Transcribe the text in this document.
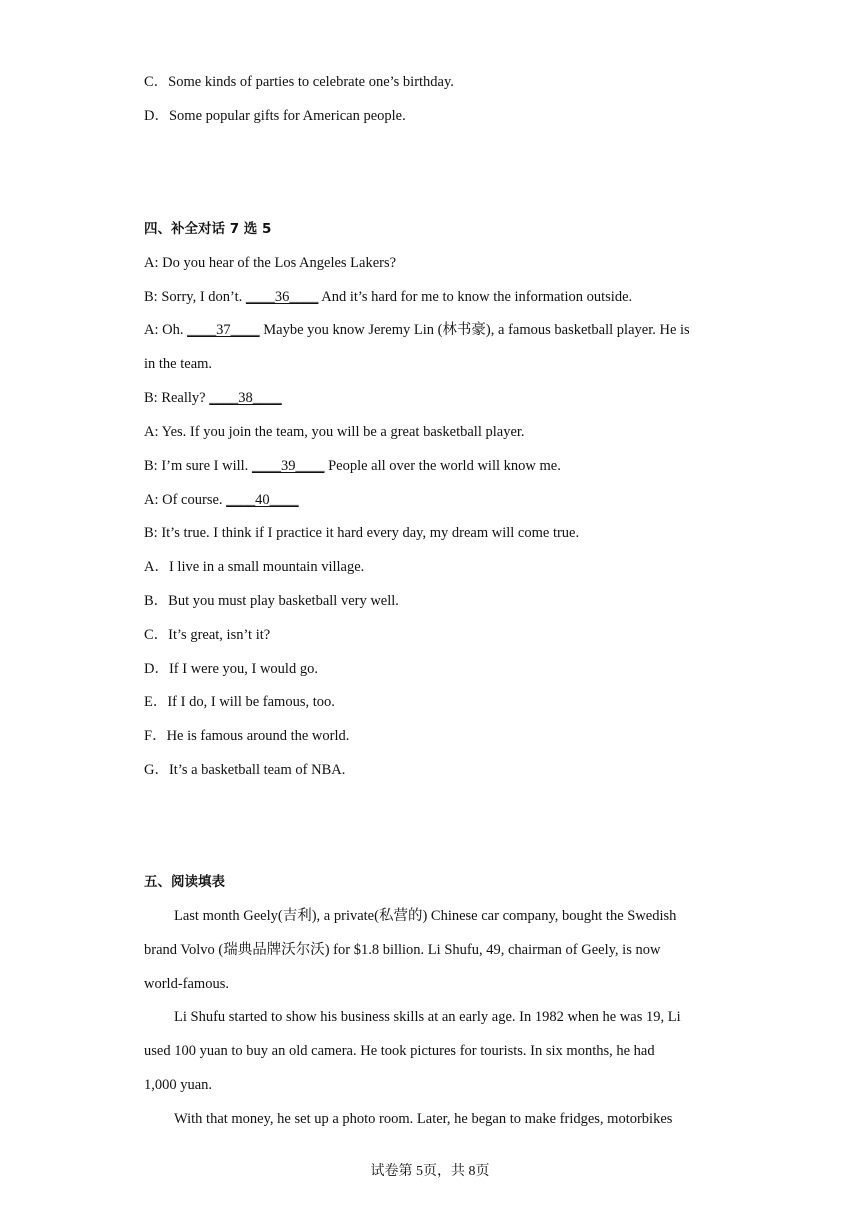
C．Some kinds of parties to celebrate one’s birthday.
D．Some popular gifts for American people.
四、补全对话 7 选 5
A: Do you hear of the Los Angeles Lakers?
B: Sorry, I don’t. ____36____ And it’s hard for me to know the information outside.
A: Oh. ____37____ Maybe you know Jeremy Lin (林书豪), a famous basketball player. He is
in the team.
B: Really? ____38____
A: Yes. If you join the team, you will be a great basketball player.
B: I’m sure I will. ____39____ People all over the world will know me.
A: Of course. ____40____
B: It’s true. I think if I practice it hard every day, my dream will come true.
A．I live in a small mountain village.
B．But you must play basketball very well.
C．It’s great, isn’t it?
D．If I were you, I would go.
E．If I do, I will be famous, too.
F．He is famous around the world.
G．It’s a basketball team of NBA.
五、阅读填表
Last month Geely(吉利), a private(私营的) Chinese car company, bought the Swedish
brand Volvo (瑞典品牌沃尔沃) for $1.8 billion. Li Shufu, 49, chairman of Geely, is now
world-famous.
Li Shufu started to show his business skills at an early age. In 1982 when he was 19, Li
used 100 yuan to buy an old camera. He took pictures for tourists. In six months, he had
1,000 yuan.
With that money, he set up a photo room. Later, he began to make fridges, motorbikes
试卷第 5页，共 8页
